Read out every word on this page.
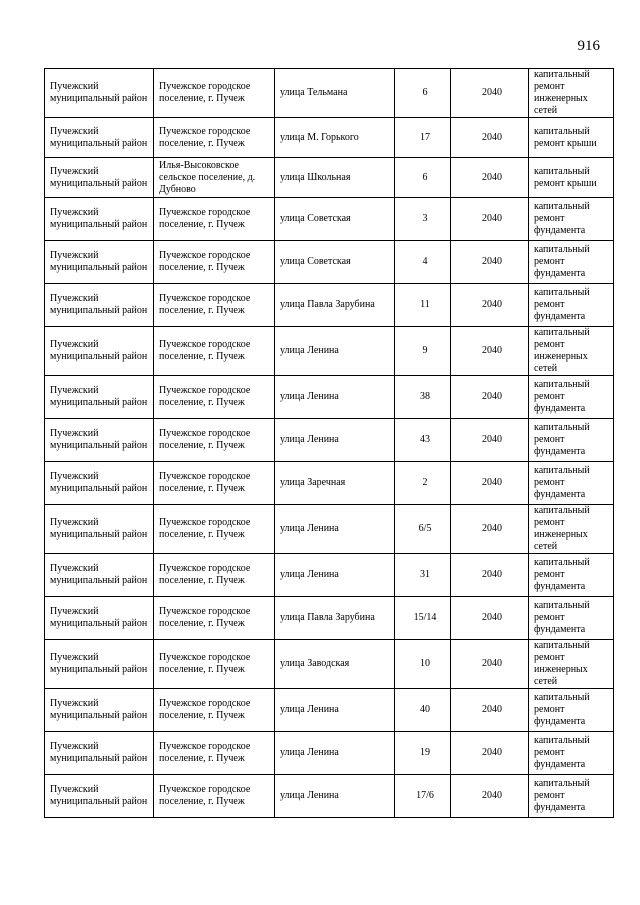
916
Пучежский муниципальный район	Пучежское городское поселение, г. Пучеж	улица Тельмана	6	2040	капитальный ремонт инженерных сетей
Пучежский муниципальный район	Пучежское городское поселение, г. Пучеж	улица М. Горького	17	2040	капитальный ремонт крыши
Пучежский муниципальный район	Илья-Высоковское сельское поселение, д. Дубново	улица Школьная	6	2040	капитальный ремонт крыши
Пучежский муниципальный район	Пучежское городское поселение, г. Пучеж	улица Советская	3	2040	капитальный ремонт фундамента
Пучежский муниципальный район	Пучежское городское поселение, г. Пучеж	улица Советская	4	2040	капитальный ремонт фундамента
Пучежский муниципальный район	Пучежское городское поселение, г. Пучеж	улица Павла Зарубина	11	2040	капитальный ремонт фундамента
Пучежский муниципальный район	Пучежское городское поселение, г. Пучеж	улица Ленина	9	2040	капитальный ремонт инженерных сетей
Пучежский муниципальный район	Пучежское городское поселение, г. Пучеж	улица Ленина	38	2040	капитальный ремонт фундамента
Пучежский муниципальный район	Пучежское городское поселение, г. Пучеж	улица Ленина	43	2040	капитальный ремонт фундамента
Пучежский муниципальный район	Пучежское городское поселение, г. Пучеж	улица Заречная	2	2040	капитальный ремонт фундамента
Пучежский муниципальный район	Пучежское городское поселение, г. Пучеж	улица Ленина	6/5	2040	капитальный ремонт инженерных сетей
Пучежский муниципальный район	Пучежское городское поселение, г. Пучеж	улица Ленина	31	2040	капитальный ремонт фундамента
Пучежский муниципальный район	Пучежское городское поселение, г. Пучеж	улица Павла Зарубина	15/14	2040	капитальный ремонт фундамента
Пучежский муниципальный район	Пучежское городское поселение, г. Пучеж	улица Заводская	10	2040	капитальный ремонт инженерных сетей
Пучежский муниципальный район	Пучежское городское поселение, г. Пучеж	улица Ленина	40	2040	капитальный ремонт фундамента
Пучежский муниципальный район	Пучежское городское поселение, г. Пучеж	улица Ленина	19	2040	капитальный ремонт фундамента
Пучежский муниципальный район	Пучежское городское поселение, г. Пучеж	улица Ленина	17/6	2040	капитальный ремонт фундамента
